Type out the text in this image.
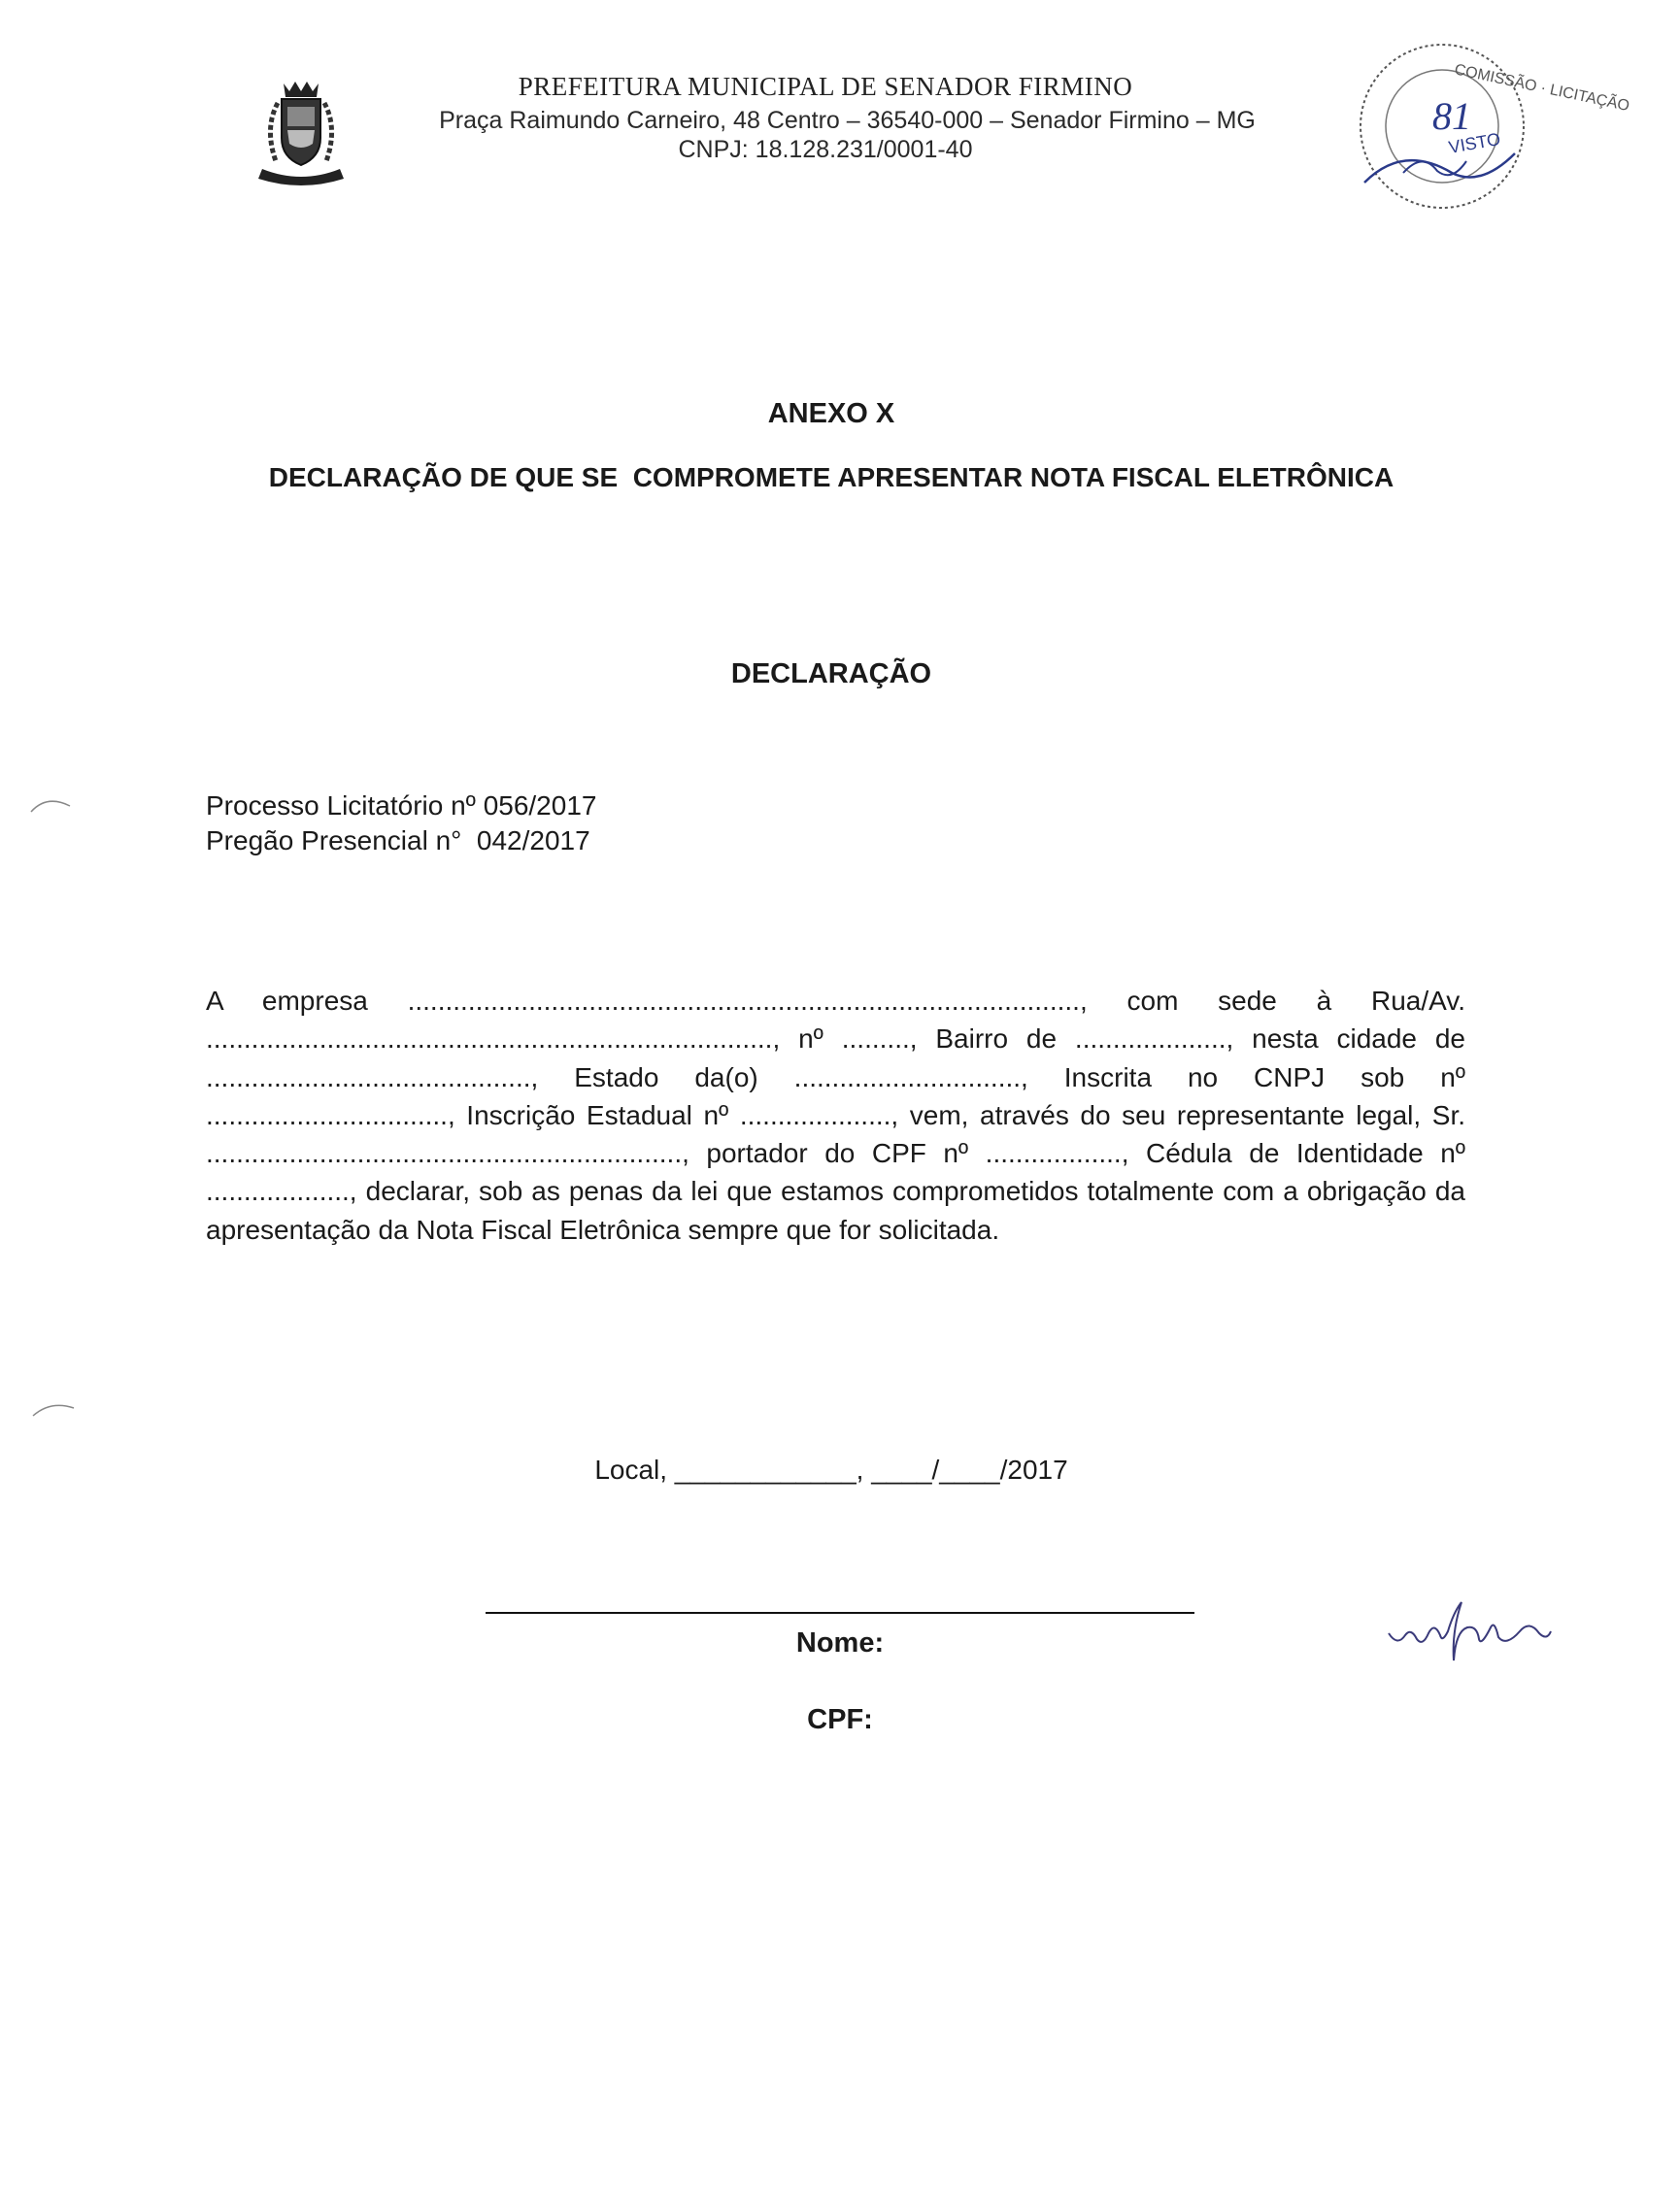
PREFEITURA MUNICIPAL DE SENADOR FIRMINO
Praça Raimundo Carneiro, 48 Centro – 36540-000 – Senador Firmino – MG
CNPJ: 18.128.231/0001-40
COMISSÃO · LICITAÇÃO
81
VISTO
ANEXO X
DECLARAÇÃO DE QUE SE  COMPROMETE APRESENTAR NOTA FISCAL ELETRÔNICA
DECLARAÇÃO
Processo Licitatório nº 056/2017
Pregão Presencial n°  042/2017
A empresa ........................................................................................., com sede à Rua/Av. ..........................................................................., nº ........., Bairro de ...................., nesta cidade de ..........................................., Estado da(o) .............................., Inscrita no CNPJ sob nº ................................, Inscrição Estadual nº ...................., vem, através do seu representante legal, Sr. ..............................................................., portador do CPF nº .................., Cédula de Identidade nº ..................., declarar, sob as penas da lei que estamos comprometidos totalmente com a obrigação da apresentação da Nota Fiscal Eletrônica sempre que for solicitada.
Local, ____________, ____/____/2017
Nome:
CPF:
